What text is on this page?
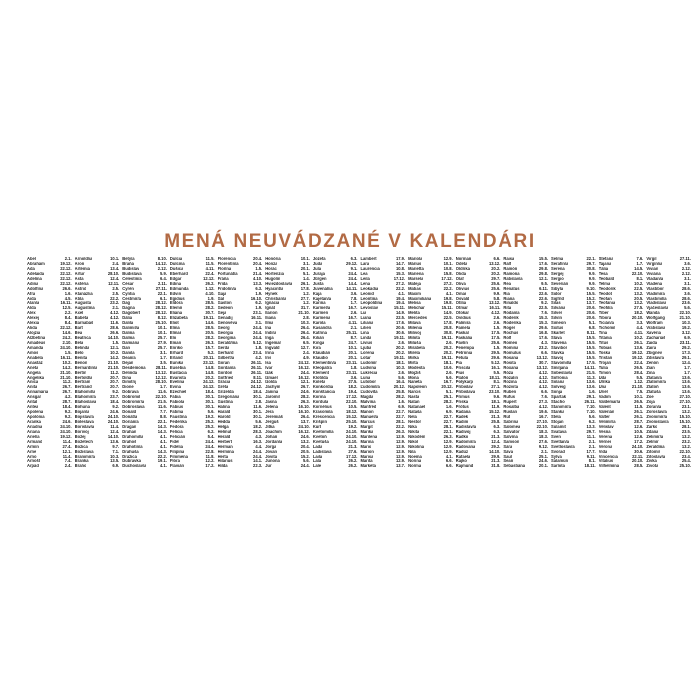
MENÁ NEUVÁDZANÉ V KALENDÁRI
Ábel	2.1.
Abrahám	19.12.
Ada	22.12.
Adelaida	22.12.
Adelína	22.12.
Adina	22.12.
Adolfína	26.6.
Afra	1.6.
Aida	4.5.
Alan/a	16.11.
Alda	12.5.
Alex	2.2.
Alexej	8.4.
Alexia	8.4.
Alida	22.12.
Alojzia	14.6.
Alžbetína	24.2.
Amadeus	2.10.
Amanda	24.10.
Amos	1.5.
Anabela	16.11.
Anastáz	10.2.
Aneta	14.2.
Angela	21.10.
Angelika	21.10.
Anica	11.2.
Anita	26.7.
Annamária	26.7.
Ansgar	4.2.
Antal	28.7.
Antea	18.4.
Apolena	9.2.
Apolónia	9.2.
Aranka	24.6.
Ariadna	24.10.
Ariana	24.10.
Ariel/a	19.12.
Armand	11.4.
Armín	27.4.
Arne	12.1.
Arno	11.4.
Arnošt	7.4.
Arpád	2.4.
Arnold/ia	10.1.
Áron	2.4.
Artémia	13.4.
Artur	28.10.
Asta	12.4.
Astéria	12.11.
Astrid	2.5.
Atanáz/ia	2.5.
Atila	22.2.
Augusta	23.2.
Augustína	2.1.
Axel	4.12.
Babeta	4.12.
Barnabáš	11.6.
Bart	28.6.
Bea	26.6.
Beatrica	14.10.
Bela	1.5.
Belinda	12.1.
Belo	10.2.
Benita	14.2.
Benon	21.10.
Bernardín/a	21.10.
Bertín	11.2.
Bertold/a	20.7.
Bertram	20.7.
Bertrand	20.7.
Blahomil/a	9.2.
Blahomír/a	23.7.
Blahoslava	18.4.
Bohuna	9.2.
Bojan/a	24.6.
Bojislav/a	24.10.
Boleslava	24.10.
Borislav/a	11.4.
Borivoj	12.4.
Božej	14.10.
Božetech	13.6.
Božica	9.7.
Božislava	7.1.
Branimír/a	10.3.
Branka	13.5.
Braňo	6.9.
Bety/a	8.10.
Braňa	14.12.
Budislav	2.12.
Budislava	5.9.
Celestín/a	6.4.
César	2.11.
Cyrén	27.11.
Cyntia	22.1.
Čestmír/a	6.1.
Dag	28.12.
Dagna	28.12.
Dagobert	28.12.
Dália	8.12.
Dalila	25.10.
Dalimil/a	10.1.
Dalina	10.1.
Dalma	25.7.
Damiána	27.9.
Dan	25.7.
Danila	3.1.
Dean/a	1.7.
Dejan	3.5.
Desdemona 28.11.
Delinda	13.12.
Dina	12.12.
Dimitrij	28.10.
Dione	1.7.
Dobrava	11.6.
Dobromil	22.10.
Dobromír/a	21.5.
Dobroslava	11.6.
Donald	7.7.
Donát/a	8.8.
Dorián/a	22.1.
Dragan	14.3.
Drahan	14.3.
Drahomil/a	4.1.
Drahoš	4.1.
Drahotín/a	4.1.
Drahuša	14.3.
Dražica	22.2.
Dúbravka	19.1.
Duchoslav/a	4.1.
Dulcia	11.5.
Dulcína	11.5.
Dušica	4.11.
Eberhard	22.4.
Edgar	12.12.
Edina	26.2.
Edmunda	1.12.
Edvin	4.10.
Egídius	1.9.
Eldóra	28.5.
Elemír	28.2.
Eliána	30.7.
Elizabeta	19.11.
Eliot	14.6.
Elma	28.5.
Elmar	20.5.
Elo	28.2.
Eman	26.3.
Enriko	15.7.
Erhard	5.2.
Erland	20.11.
Eunika	23.12.
Eusébia	14.8.
Eustácia	14.8.
Evarista	20.2.
Evelína	24.12.
Evina	24.12.
Ezechiel	18.4.
Fábia	30.1.
Fabiola	30.1.
Fábius	30.1.
Fatima	5.6.
Faustína	19.2.
Federika	25.2.
Fedora	25.2.
Felícia	6.2.
Felicián	5.4.
Fidél	24.4.
Fidélia	24.4.
Filipína	22.8.
Filoména	11.8.
Flóra	12.2.
Flavián	17.2.
Florencia	20.4.
Florentín/a	20.4.
Florína	1.5.
Fortunát/a	21.4.
Fráňa	4.10.
Frída	13.3.
Fridolín/a	6.3.
Gaja	1.9.
Gál	16.10.
Gaston	6.2.
Gedeon	1.9.
Geja	23.1.
Genadij	16.11.
Genovéva	3.1.
Georg	24.4.
Georgia	24.4.
Georgína	24.4.
Gerald/ína	5.12.
Gerda	1.8.
Gerhard	23.4.
Gilbert/a	4.2.
Goran	26.11.
Gordan/a	26.11.
Gordon	26.11.
Gotfried	8.11.
Grácia	24.12.
Gréta	24.12.
Grizelda	18.4.
Gregoriána	30.1.
Gustína	2.8.
Halina	11.6.
Harald	30.1.
Harold	30.1.
Hedda	5.6.
Helga	18.2.
Helmut	28.3.
Herald	4.3.
Herbert	16.3.
Herman	4.4.
Hermína	24.4.
Herta	24.4.
Hilárius	14.1.
Hilda	22.3.
Honória	10.1.
Honza	3.1.
Horác	20.1.
Hortenzia	5.1.
Hugolín	1.4.
Hviezdoslav/a 26.1.
Hyacint/a	17.8.
Hynek	1.2.
Christián/a	27.7.
Ignácia	1.2.
Ignát	31.7.
Ilarion	21.10.
Iliana	2.8.
Ilma	10.3.
Ina	26.4.
Indira	26.4.
Inga	26.4.
Ingemar	6.5.
Ingvald	12.7.
Irina	2.4.
Íris	4.9.
Isa	24.12.
Ivar	16.12.
Izák	24.4.
Izmael	16.12.
Izolda	12.1.
Jáchym	26.7.
Janina	24.6.
Jaromil	28.2.
Jasna	26.3.
Jelena	16.10.
Jera	16.10.
Jeremiáš	26.4.
Jerguš	13.7.
Jitka	24.10.
Joachim	16.12.
Johan	24.6.
Jordan/a	13.2.
Jorga	20.4.
Jovan	20.5.
Jovita	15.2.
Junona	5.6.
Jur	24.4.
Jozefa	6.3.
Juda	29.12.
Jula	9.1.
Juraja	24.4.
Jürgen	24.4.
Justa	14.4.
Juvenál/ia	14.11.
Kaja	3.6.
Kajetán/a	7.8.
Karina	1.7.
Karmel/a	16.7.
Karmen	2.6.
Karmena	16.7.
Karola	4.11.
Kasandra	2.1.
Katrina	25.11.
Kilián	8.7.
Kinga	24.7.
Kira	10.1.
Klaudián	20.1.
Klaudio	20.1.
Klementín/a 23.11.
Kleopatra	1.8.
Klement	23.11.
Klotilda	3.6.
Koleta	27.5.
Konkordia	18.2.
Konštancia	19.4.
Korina	17.12.
Kordula	22.10.
Kornélius	10.5.
Krasomila	18.12.
Krescencia	15.12.
Krišpín	25.10.
Kurt	19.2.
Kvetomil/a	24.10.
Kvetoň	24.10.
Kvetuša	24.10.
Lada	21.3.
Ladislava	27.6.
Laila	17.12.
Lala	26.2.
Lale	26.2.
Lambert	17.9.
Lara	14.7.
Laurencia	10.8.
Lea	15.3.
Leila	17.12.
Lena	27.2.
Leokádia	22.2.
Leonid	4.1.
Leontína	19.4.
Leopoldína	19.4.
Levoslav	15.11.
Lia	14.9.
Liana	22.5.
Liliana	17.6.
Lilien	20.6.
Lina	30.6.
Linda	19.11.
Lívius	2.6.
Ljuba	20.2.
Lorena	20.2.
Lotar	19.11.
Ludomír	18.1.
Ludvina	10.3.
Lukrécia	2.6.
Luna	5.6.
Lutobor	16.4.
Ľudomil/a	20.12.
Ľudovíta	25.8.
Magda	28.2.
Malvína	1.6.
Manfréd	6.9.
Manon	22.7.
Manuel/a	22.7.
Marcus	28.1.
Margit	22.2.
Marika	26.3.
Marilena	12.9.
Marina	12.9.
Mario	12.9.
Marion	12.9.
Marisa	12.9.
Marita	12.9.
Markéta	13.7.
Mariola	12.9.
Márius	10.1.
Marietta	10.8.
Mariena	15.8.
Marsela	17.12.
Mateja	27.2.
Matias	22.2.
Maxim	4.1.
Maximiliána	19.8.
Melisa	19.8.
Melichar	15.11.
Melita	14.9.
Mercedes	22.5.
Milava	17.8.
Milenia	20.8.
Milivoj	30.8.
Milota	19.11.
Miluša	2.6.
Mirabela	20.2.
Mirela	20.2.
Mirka	19.11.
Mirta	18.1.
Modesta	10.6.
Mojžiš	2.6.
Mona	5.6.
Naneta	16.7.
Napoleon	20.12.
Narcis	5.1.
Nasta	25.1.
Natan	28.2.
Natanael	1.6.
Nataša	6.9.
Nela	22.7.
Nestor	22.7.
Nika	28.1.
Nikita	22.1.
Nikodém	26.3.
Nikol	12.9.
Nikolina	12.9.
Nila	12.9.
Noema	4.1.
Norina	6.6.
Norma	6.6.
Norman	6.6.
Odeta	13.12.
Oldrika	20.2.
Olida	20.2.
Olaf	29.7.
Oliva	25.6.
Olivius	25.6.
Omar	9.9.
Osvald	5.8.
Otília	13.12.
Otmar	16.11.
Otokar	4.12.
Ovídius	2.6.
Palmíra	2.6.
Pamela	1.5.
Paskal	17.5.
Paskália	17.5.
Pavlín	25.6.
Penelopa	1.5.
Petrónia	29.5.
Petula	29.6.
Pia	5.12.
Priscila	16.1.
Pius	5.5.
Platón	18.11.
Polykarp	8.1.
Pribislav	27.1.
Pribislava	23.10.
Primus	9.6.
Priska	18.1.
Prótus	11.9.
Radana	15.12.
Radek	21.3.
Radim	25.8.
Radislav/a	6.3.
Radivoj	6.3.
Radko	21.3.
Radomír/a	12.4.
Radovana	29.2.
Radúz	14.10.
Rafaela	29.9.
Rajko	21.3.
Rajmund	31.8.
Raisa	15.5.
Ralf	17.6.
Ramón	29.8.
Ramona	29.8.
Ratislav/a	12.1.
Rea	9.5.
Renátus	6.11.
Ria	22.6.
Riana	22.6.
Rinaldo	9.2.
Rita	22.5.
Rodan/a	7.6.
Roderik	15.3.
Roderika	15.3.
Roger	29.6.
Rochus	16.8.
Rolf	17.6.
Romeo	4.3.
Romina	23.2.
Romulus	6.6.
Rosana	13.12.
Rosita	30.7.
Roxana	13.12.
Róza	4.12.
Rozalin	4.12.
Rozina	4.12.
Rozvita	4.12.
Ruben	6.6.
Rufus	7.6.
Rupert	27.3.
Rosalba	4.12.
Ruslan	19.6.
Rút	16.7.
Sabrina	27.10.
Salomea	22.10.
Salvator	18.3.
Salvína	18.3.
Samson	27.6.
Sára	9.12.
Sáva	2.1.
Saul	25.1.
Sean	24.6.
Sebastiána	20.1.
Selma	22.1.
Serafín/a	29.7.
Serena	30.8.
Sergej	9.9.
Sergio	9.9.
Severián	9.9.
Sibyla	9.10.
Sidor	15.5.
Sigfríd	15.2.
Silas	13.7.
Silvána	20.6.
Silver	20.6.
Silvín	20.6.
Simeon	5.1.
Sixtus	6.8.
Skarlet	8.11.
Sláva	15.5.
Slávena	15.5.
Slavibor	15.5.
Slavka	15.5.
Slavoj	15.5.
Slavomil/a	17.5.
Smiljana	14.11.
Sobeslav/a	21.5.
Sofronia	11.3.
Solana	13.6.
Solveig	13.6.
Sonja	1.6.
Spartak	29.1.
Stacho	26.11.
Stanimír/a	7.10.
Stanka	7.10.
Stela	5.6.
Stojan	6.2.
Sulamit	13.3.
Svatava	29.7.
Sven	11.1.
Svetlan/a	2.1.
Svetloslav/a	2.1.
Svorad	17.7.
Sylva	9.11.
Šalamún	8.1.
Šarlota	18.11.
Štefana	7.6.
Tajana	1.7.
Tália	14.5.
Tesa	22.10.
Teobald	8.1.
Telma	10.2.
Teodorik	22.5.
Teodot	13.2.
Teofan	20.5.
Teofánia	13.2.
Teofil/a	27.5.
Tiber	18.2.
Tibora	20.10.
Ticián/a	3.3.
Tichomil	4.4.
Tina	4.11.
Titánia	10.2.
Titus	26.1.
Tobias	13.6.
Toska	19.12.
Tristan	19.12.
Trojan	22.4.
Tulia	26.5.
Timon	28.4.
Uda	5.5.
Ulrika	1.12.
Una	21.10.
Uriel	7.5.
Vadim	10.1.
Valdemar/a	26.5.
Valent	11.5.
Valerián	26.1.
Valter	26.1.
Velimír/a	28.7.
Velislav	12.6.
Vesna	10.5.
Verena	12.6.
Verner	17.2.
Verona	24.10.
Vida	30.6.
Vincencia	22.11.
Vitálius	20.10.
Vilhelmína	28.5.
Virgil	27.11.
Virgín/ia	3.6.
Vivian	2.12.
Viviána	2.12.
Vladan/a	3.1.
Vladena	3.1.
Vlastibor	28.6.
Vladimíra	3.6.
Vlastimil/a	28.6.
Vladislava	23.6.
Vjačeslav/a	5.6.
Wanda	22.10.
Wolfgang	21.10.
Wolfram	10.3.
Vratislava	19.2.
Xavéria	3.12.
Zachariáš	6.9.
Zaida	23.11.
Zaira	29.2.
Zbignev	17.3.
Zdislav/a	29.1.
Zenón	12.4.
Zian	1.7.
Zina	1.7.
Zlatan/a	13.6.
Zlatomír/a	13.6.
Zlatoň	13.6.
Zlatuša	13.6.
Zoe	27.10.
Zoja	27.10.
Zoran/a	23.1.
Zoroslav/a	13.2.
Zvonimír/a	15.10.
Zvonislav/a	15.10.
Žarko	28.1.
Ždana	23.5.
Želimír/a	13.2.
Želmír	23.2.
Žeraldína	13.2.
Žitomír	22.10.
Žitoslav/a	23.4.
Živka	25.4.
Života	25.10.
